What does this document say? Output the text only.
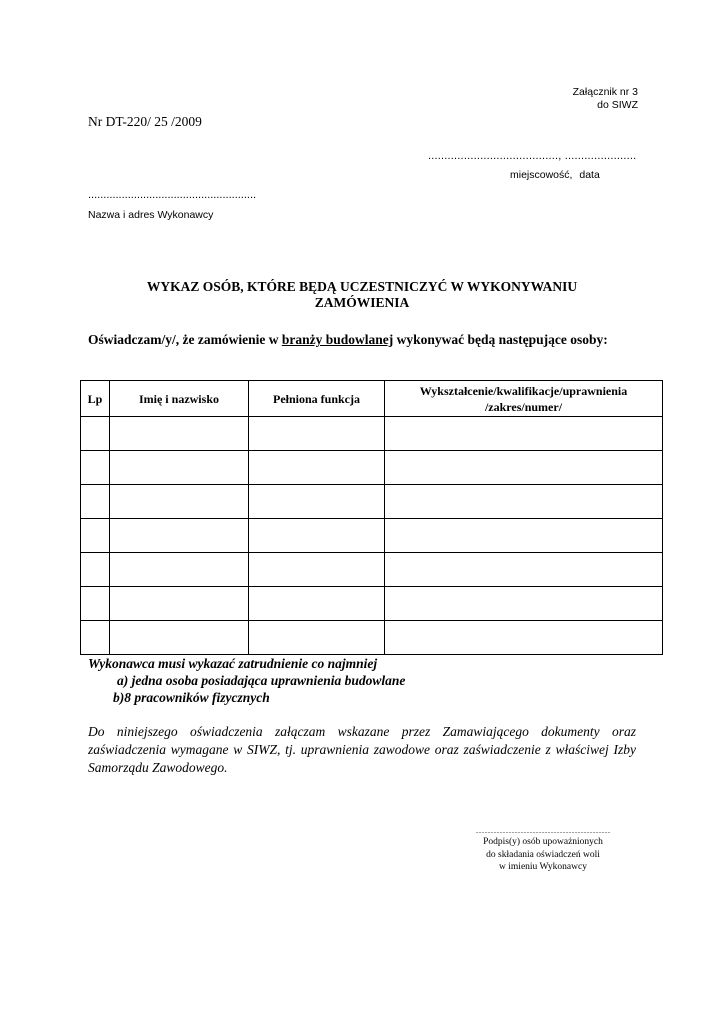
Załącznik nr 3
do SIWZ
Nr DT-220/ 25 /2009
........................................, ......................
miejscowość, data
.......................................................
Nazwa i adres Wykonawcy
WYKAZ OSÓB, KTÓRE BĘDĄ UCZESTNICZYĆ W WYKONYWANIU
ZAMÓWIENIA
Oświadczam/y/, że zamówienie w branży budowlanej wykonywać będą następujące osoby:
Lp	Imię i nazwisko	Pełniona funkcja	Wykształcenie/kwalifikacje/uprawnienia
/zakres/numer/

Wykonawca musi wykazać zatrudnienie co najmniej
a) jedna osoba posiadająca uprawnienia budowlane
b)8 pracowników fizycznych
Do niniejszego oświadczenia załączam wskazane przez Zamawiającego dokumenty oraz zaświadczenia wymagane w SIWZ, tj. uprawnienia zawodowe oraz zaświadczenie z właściwej Izby Samorządu Zawodowego.
..........................................................................................
Podpis(y) osób upoważnionych
do składania oświadczeń woli
w imieniu Wykonawcy
